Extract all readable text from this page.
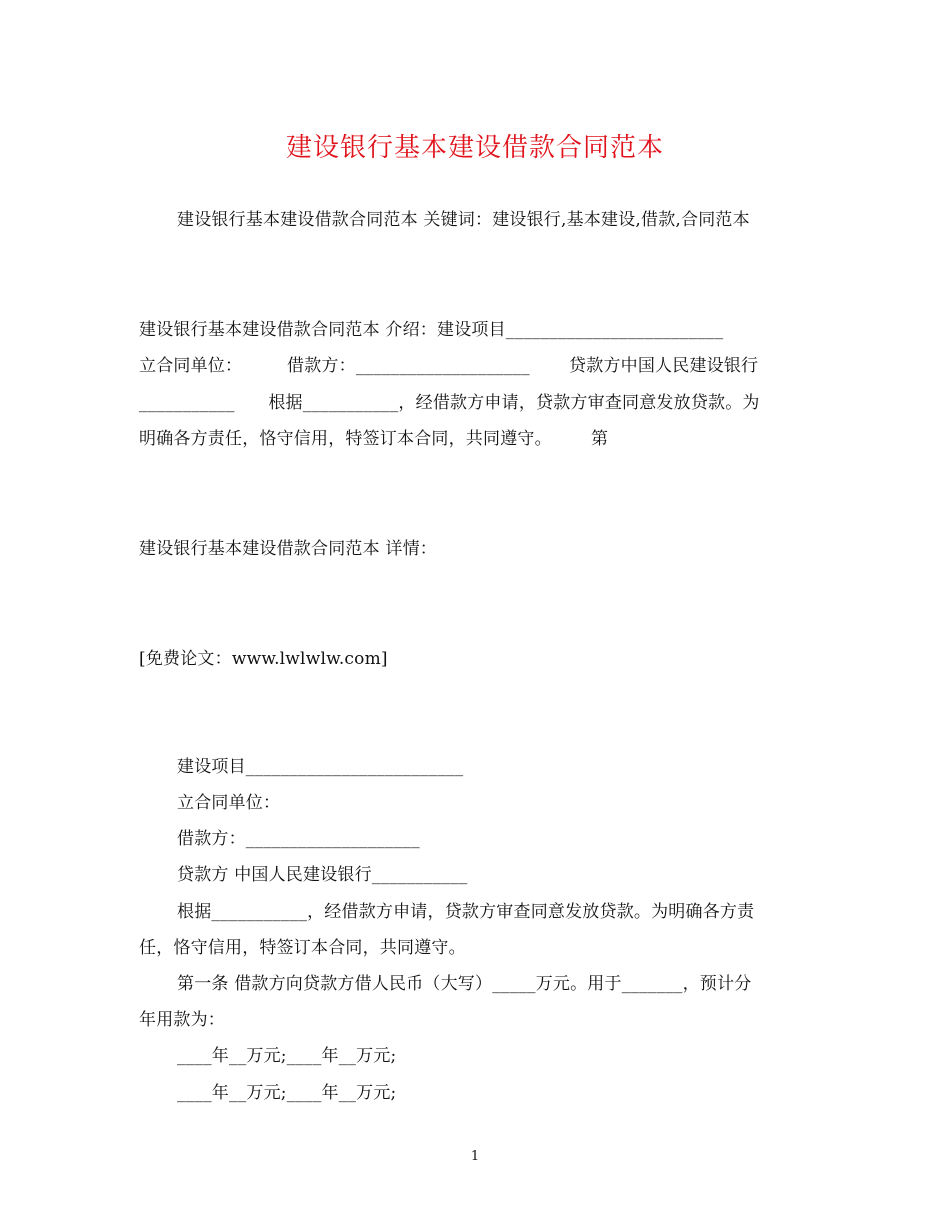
建设银行基本建设借款合同范本
建设银行基本建设借款合同范本 关键词：建设银行,基本建设,借款,合同范本
建设银行基本建设借款合同范本 介绍：建设项目_________________________
立合同单位：        借款方：____________________       贷款方中国人民建设银行
___________      根据___________，经借款方申请，贷款方审查同意发放贷款。为
明确各方责任，恪守信用，特签订本合同，共同遵守。       第
建设银行基本建设借款合同范本 详情：
[免费论文：www.lwlwlw.com]
建设项目_________________________
立合同单位：
借款方：____________________
贷款方 中国人民建设银行___________
根据___________，经借款方申请，贷款方审查同意发放贷款。为明确各方责
任，恪守信用，特签订本合同，共同遵守。
第一条 借款方向贷款方借人民币（大写）_____万元。用于_______，预计分
年用款为：
____年__万元;____年__万元;
____年__万元;____年__万元;
1
